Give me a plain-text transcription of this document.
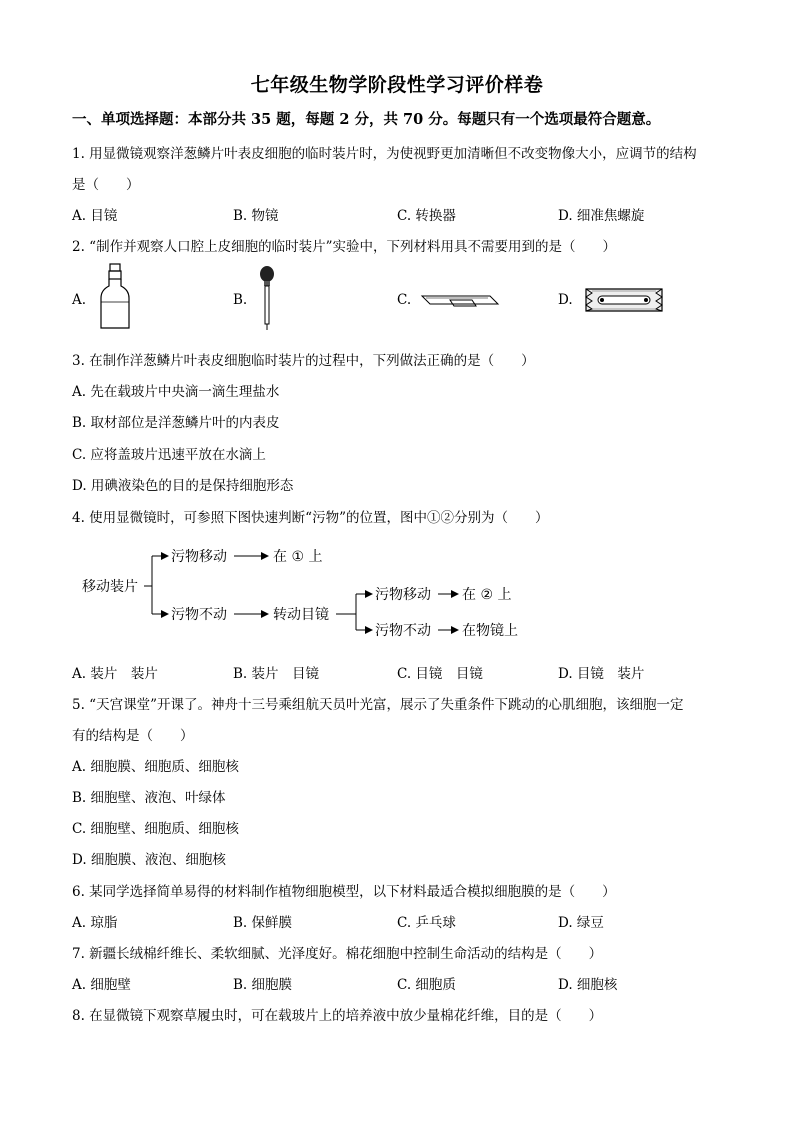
七年级生物学阶段性学习评价样卷
一、单项选择题：本部分共 35 题，每题 2 分，共 70 分。每题只有一个选项最符合题意。
1. 用显微镜观察洋葱鳞片叶表皮细胞的临时装片时，为使视野更加清晰但不改变物像大小，应调节的结构
是（　　）
A. 目镜	B. 物镜	C. 转换器	D. 细准焦螺旋
2. “制作并观察人口腔上皮细胞的临时装片”实验中，下列材料用具不需要用到的是（　　）
A.	B.	C.	D.
3. 在制作洋葱鳞片叶表皮细胞临时装片的过程中，下列做法正确的是（　　）
A. 先在载玻片中央滴一滴生理盐水
B. 取材部位是洋葱鳞片叶的内表皮
C. 应将盖玻片迅速平放在水滴上
D. 用碘液染色的目的是保持细胞形态
4. 使用显微镜时，可参照下图快速判断“污物”的位置，图中①②分别为（　　）
移动装片
污物移动	在 ① 上
污物不动	转动目镜
污物移动 在 ② 上
污物不动 在物镜上
A. 装片　装片	B. 装片　目镜	C. 目镜　目镜	D. 目镜　装片
5. “天宫课堂”开课了。神舟十三号乘组航天员叶光富，展示了失重条件下跳动的心肌细胞，该细胞一定
有的结构是（　　）
A. 细胞膜、细胞质、细胞核
B. 细胞壁、液泡、叶绿体
C. 细胞壁、细胞质、细胞核
D. 细胞膜、液泡、细胞核
6. 某同学选择简单易得的材料制作植物细胞模型，以下材料最适合模拟细胞膜的是（　　）
A. 琼脂	B. 保鲜膜	C. 乒乓球	D. 绿豆
7. 新疆长绒棉纤维长、柔软细腻、光泽度好。棉花细胞中控制生命活动的结构是（　　）
A. 细胞壁	B. 细胞膜	C. 细胞质	D. 细胞核
8. 在显微镜下观察草履虫时，可在载玻片上的培养液中放少量棉花纤维，目的是（　　）
